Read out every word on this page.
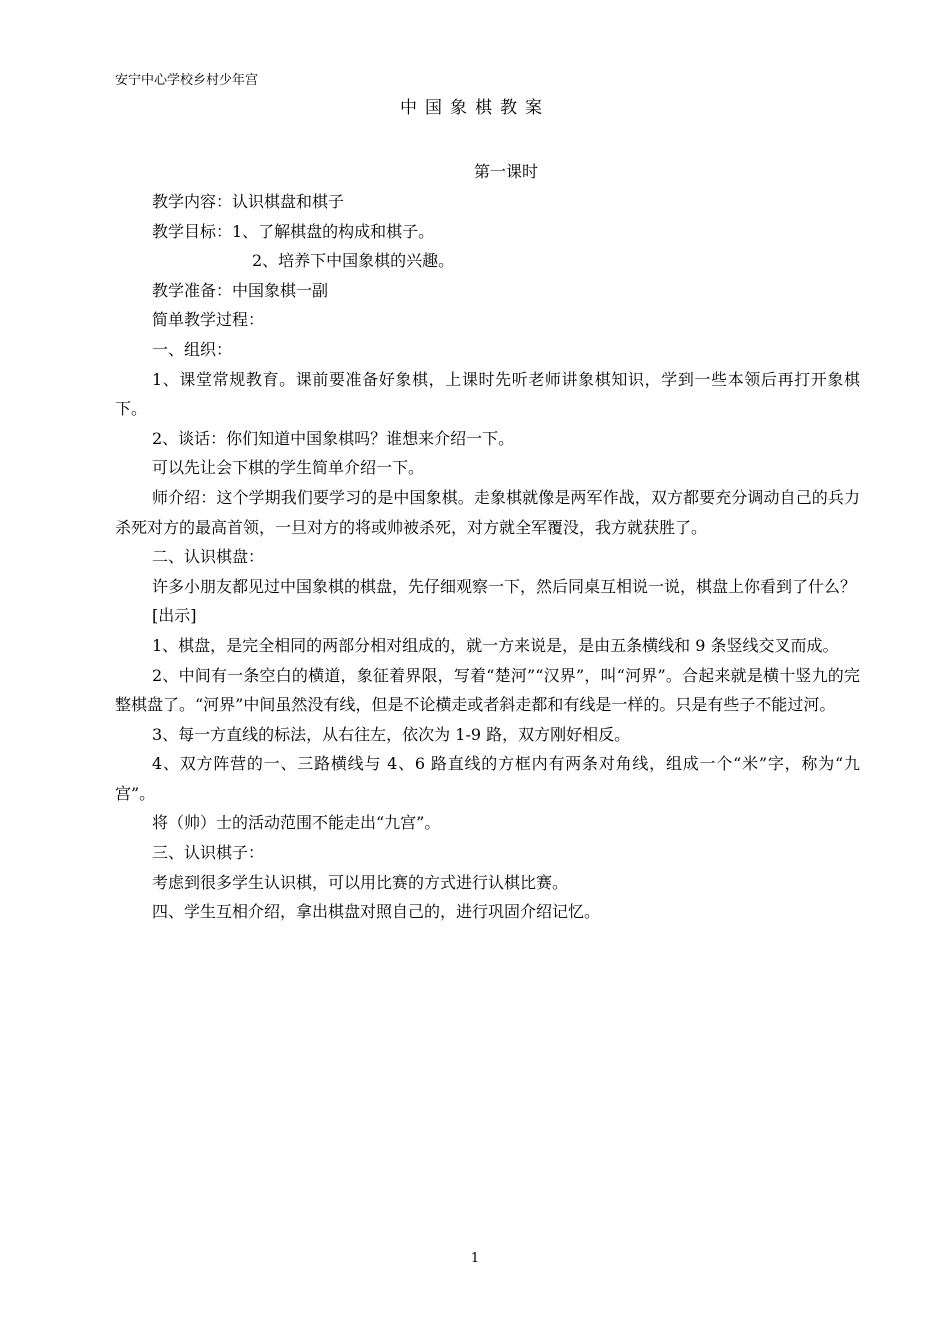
安宁中心学校乡村少年宫
中国象棋教案
第一课时

教学内容：认识棋盘和棋子

教学目标：1、了解棋盘的构成和棋子。

2、培养下中国象棋的兴趣。

教学准备：中国象棋一副

简单教学过程：

一、组织：

1、课堂常规教育。课前要准备好象棋，上课时先听老师讲象棋知识，学到一些本领后再打开象棋下。

2、谈话：你们知道中国象棋吗？谁想来介绍一下。

可以先让会下棋的学生简单介绍一下。

师介绍：这个学期我们要学习的是中国象棋。走象棋就像是两军作战，双方都要充分调动自己的兵力杀死对方的最高首领，一旦对方的将或帅被杀死，对方就全军覆没，我方就获胜了。

二、认识棋盘：

许多小朋友都见过中国象棋的棋盘，先仔细观察一下，然后同桌互相说一说，棋盘上你看到了什么？

[出示]

1、棋盘，是完全相同的两部分相对组成的，就一方来说是，是由五条横线和 9 条竖线交叉而成。

2、中间有一条空白的横道，象征着界限，写着“楚河”“汉界”，叫“河界”。合起来就是横十竖九的完整棋盘了。“河界”中间虽然没有线，但是不论横走或者斜走都和有线是一样的。只是有些子不能过河。

3、每一方直线的标法，从右往左，依次为 1-9 路，双方刚好相反。

4、双方阵营的一、三路横线与 4、6 路直线的方框内有两条对角线，组成一个“米”字，称为“九宫”。

将（帅）士的活动范围不能走出“九宫”。

三、认识棋子：

考虑到很多学生认识棋，可以用比赛的方式进行认棋比赛。

四、学生互相介绍，拿出棋盘对照自己的，进行巩固介绍记忆。

1
